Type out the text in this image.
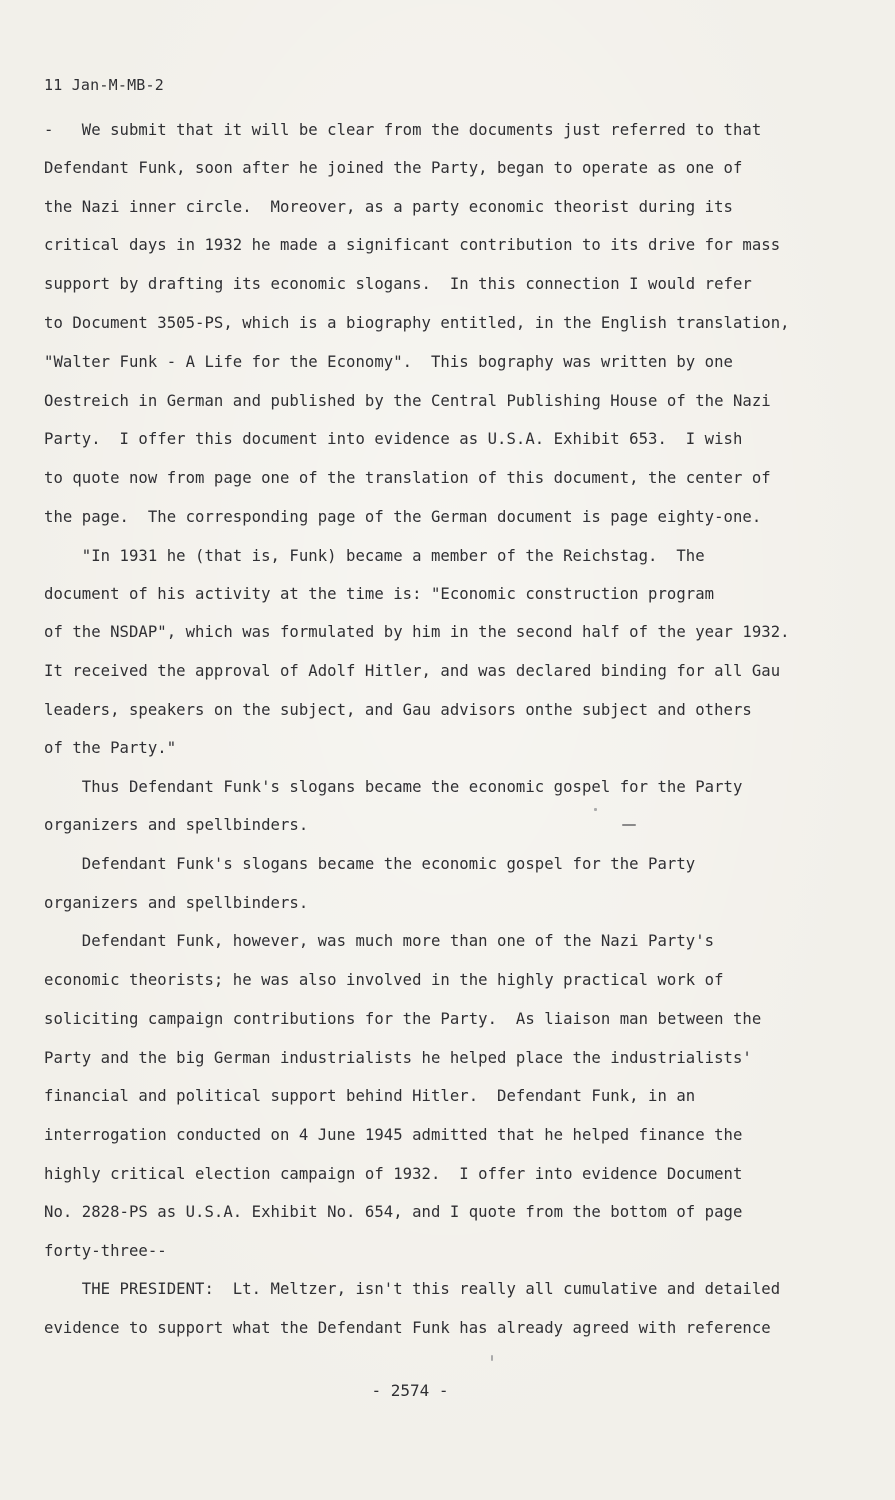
11 Jan-M-MB-2
-   We submit that it will be clear from the documents just referred to that
Defendant Funk, soon after he joined the Party, began to operate as one of
the Nazi inner circle.  Moreover, as a party economic theorist during its
critical days in 1932 he made a significant contribution to its drive for mass
support by drafting its economic slogans.  In this connection I would refer
to Document 3505-PS, which is a biography entitled, in the English translation,
"Walter Funk - A Life for the Economy".  This bography was written by one
Oestreich in German and published by the Central Publishing House of the Nazi
Party.  I offer this document into evidence as U.S.A. Exhibit 653.  I wish
to quote now from page one of the translation of this document, the center of
the page.  The corresponding page of the German document is page eighty-one.
"In 1931 he (that is, Funk) became a member of the Reichstag.  The
document of his activity at the time is: "Economic construction program
of the NSDAP", which was formulated by him in the second half of the year 1932.
It received the approval of Adolf Hitler, and was declared binding for all Gau
leaders, speakers on the subject, and Gau advisors onthe subject and others
of the Party."
Thus Defendant Funk's slogans became the economic gospel for the Party
organizers and spellbinders.
Defendant Funk's slogans became the economic gospel for the Party
organizers and spellbinders.
Defendant Funk, however, was much more than one of the Nazi Party's
economic theorists; he was also involved in the highly practical work of
soliciting campaign contributions for the Party.  As liaison man between the
Party and the big German industrialists he helped place the industrialists'
financial and political support behind Hitler.  Defendant Funk, in an
interrogation conducted on 4 June 1945 admitted that he helped finance the
highly critical election campaign of 1932.  I offer into evidence Document
No. 2828-PS as U.S.A. Exhibit No. 654, and I quote from the bottom of page
forty-three--
THE PRESIDENT:  Lt. Meltzer, isn't this really all cumulative and detailed
evidence to support what the Defendant Funk has already agreed with reference
- 2574 -
